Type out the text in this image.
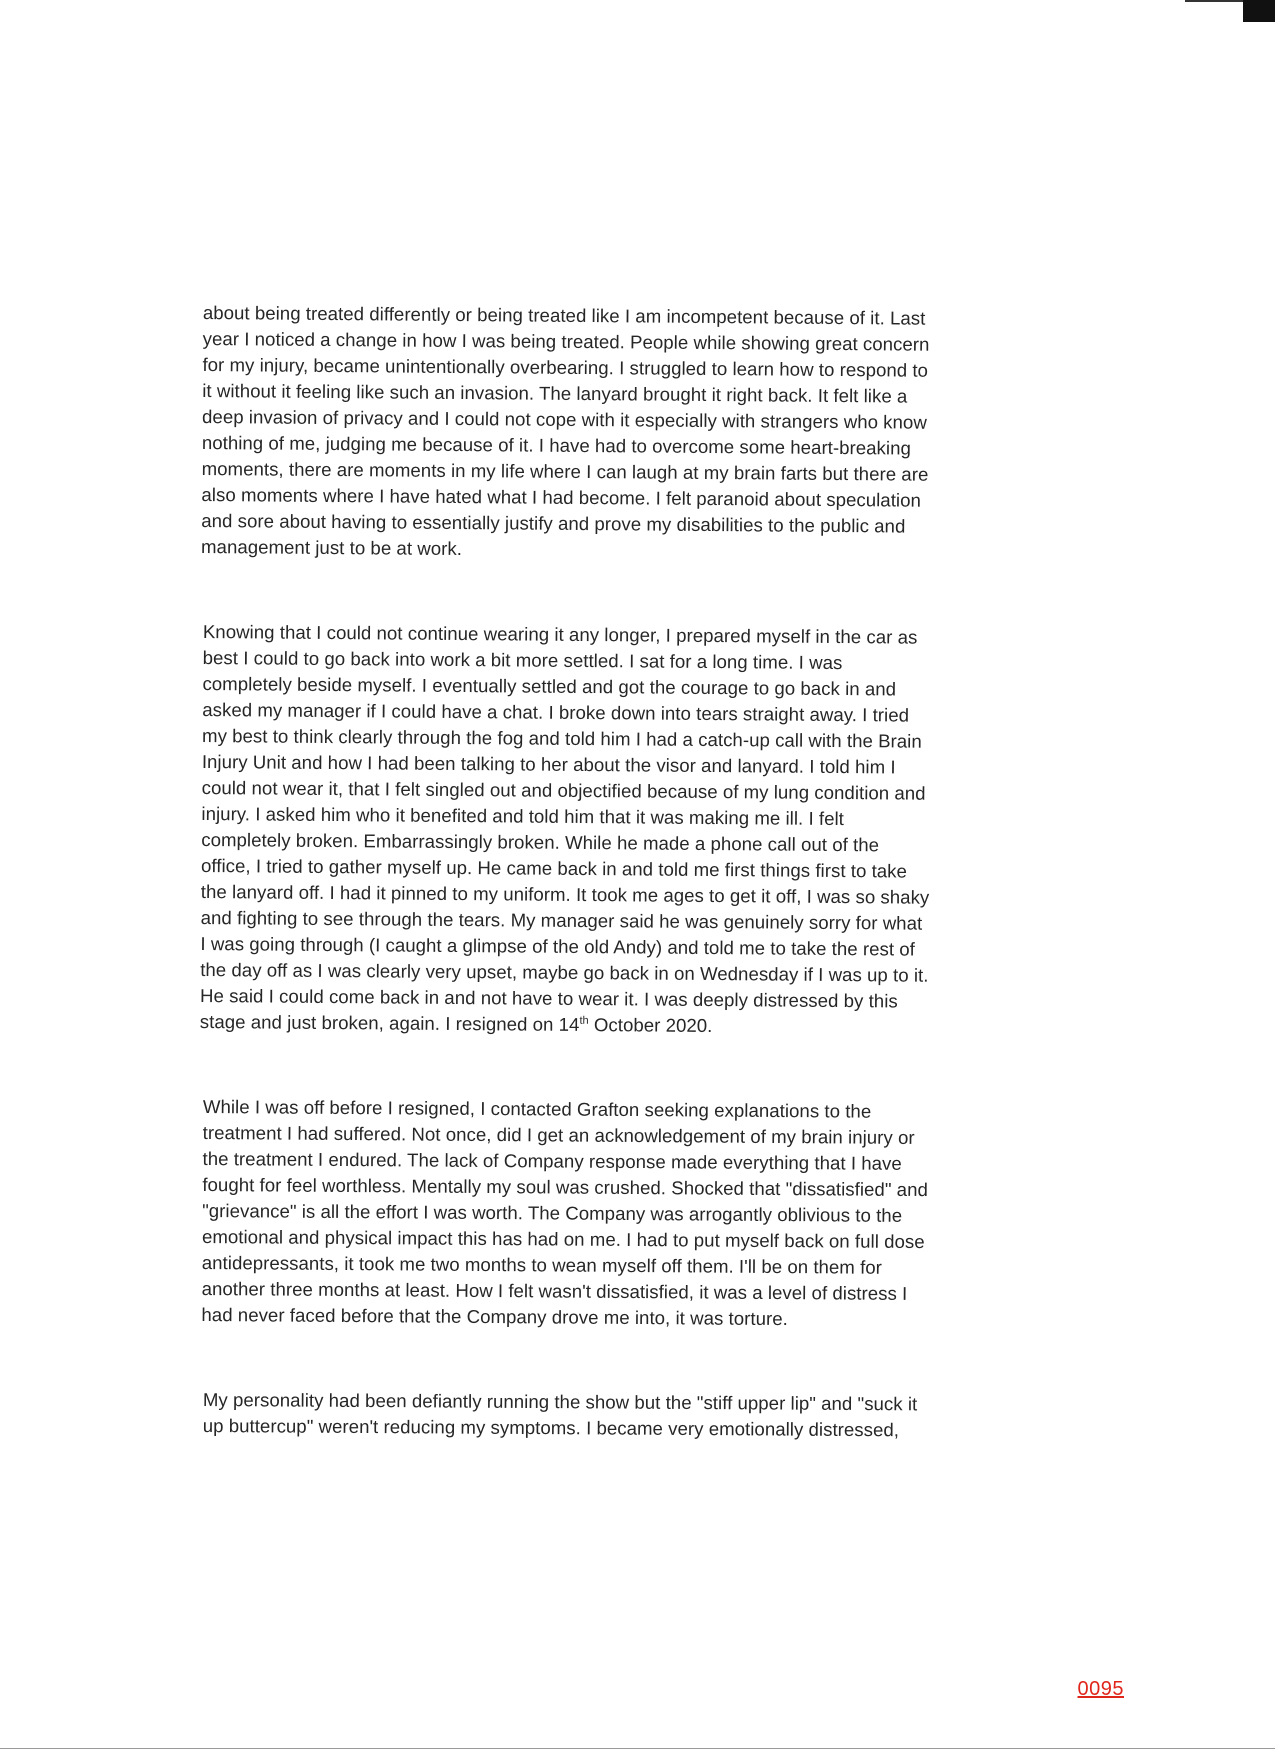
about being treated differently or being treated like I am incompetent because of it. Last
year I noticed a change in how I was being treated. People while showing great concern
for my injury, became unintentionally overbearing. I struggled to learn how to respond to
it without it feeling like such an invasion. The lanyard brought it right back. It felt like a
deep invasion of privacy and I could not cope with it especially with strangers who know
nothing of me, judging me because of it. I have had to overcome some heart-breaking
moments, there are moments in my life where I can laugh at my brain farts but there are
also moments where I have hated what I had become. I felt paranoid about speculation
and sore about having to essentially justify and prove my disabilities to the public and
management just to be at work.

Knowing that I could not continue wearing it any longer, I prepared myself in the car as
best I could to go back into work a bit more settled. I sat for a long time. I was
completely beside myself. I eventually settled and got the courage to go back in and
asked my manager if I could have a chat. I broke down into tears straight away. I tried
my best to think clearly through the fog and told him I had a catch-up call with the Brain
Injury Unit and how I had been talking to her about the visor and lanyard. I told him I
could not wear it, that I felt singled out and objectified because of my lung condition and
injury. I asked him who it benefited and told him that it was making me ill. I felt
completely broken. Embarrassingly broken. While he made a phone call out of the
office, I tried to gather myself up. He came back in and told me first things first to take
the lanyard off. I had it pinned to my uniform. It took me ages to get it off, I was so shaky
and fighting to see through the tears. My manager said he was genuinely sorry for what
I was going through (I caught a glimpse of the old Andy) and told me to take the rest of
the day off as I was clearly very upset, maybe go back in on Wednesday if I was up to it.
He said I could come back in and not have to wear it. I was deeply distressed by this
stage and just broken, again. I resigned on 14th October 2020.

While I was off before I resigned, I contacted Grafton seeking explanations to the
treatment I had suffered. Not once, did I get an acknowledgement of my brain injury or
the treatment I endured. The lack of Company response made everything that I have
fought for feel worthless. Mentally my soul was crushed. Shocked that "dissatisfied" and
"grievance" is all the effort I was worth. The Company was arrogantly oblivious to the
emotional and physical impact this has had on me. I had to put myself back on full dose
antidepressants, it took me two months to wean myself off them. I'll be on them for
another three months at least. How I felt wasn't dissatisfied, it was a level of distress I
had never faced before that the Company drove me into, it was torture.

My personality had been defiantly running the show but the "stiff upper lip" and "suck it
up buttercup" weren't reducing my symptoms. I became very emotionally distressed,

0095
